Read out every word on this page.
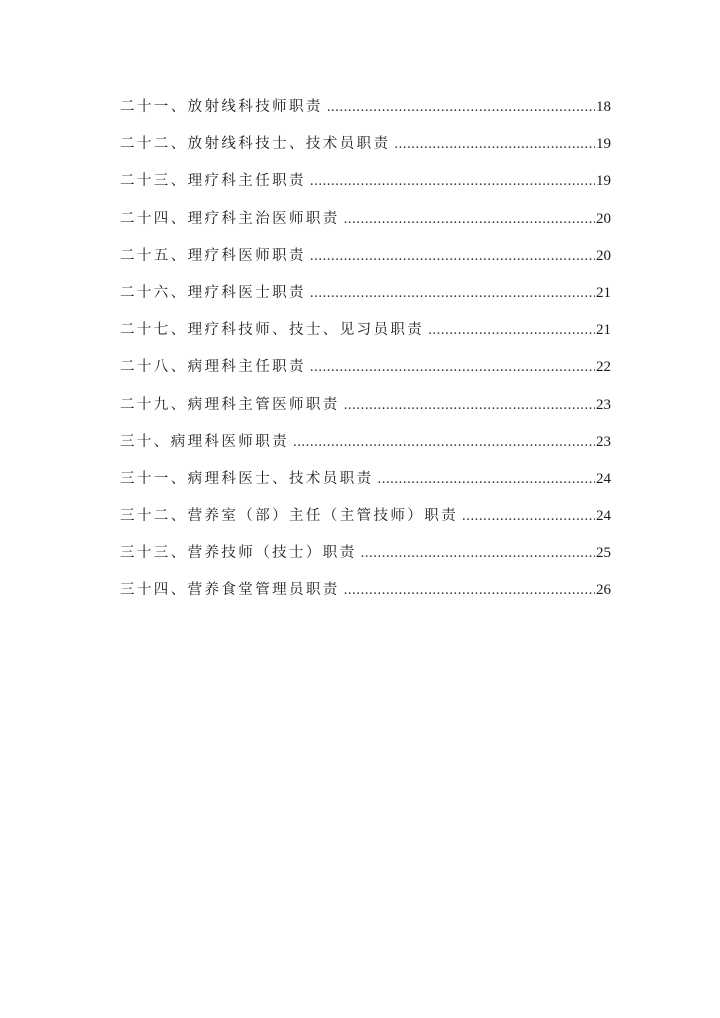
二十一、放射线科技师职责 .....	18
二十二、放射线科技士、技术员职责 .....	19
二十三、理疗科主任职责 .....	19
二十四、理疗科主治医师职责 .....	20
二十五、理疗科医师职责 .....	20
二十六、理疗科医士职责 .....	21
二十七、理疗科技师、技士、见习员职责 .....	21
二十八、病理科主任职责 .....	22
二十九、病理科主管医师职责 .....	23
三十、病理科医师职责 .....	23
三十一、病理科医士、技术员职责 .....	24
三十二、营养室（部）主任（主管技师）职责 .....	24
三十三、营养技师（技士）职责 .....	25
三十四、营养食堂管理员职责 .....	26
